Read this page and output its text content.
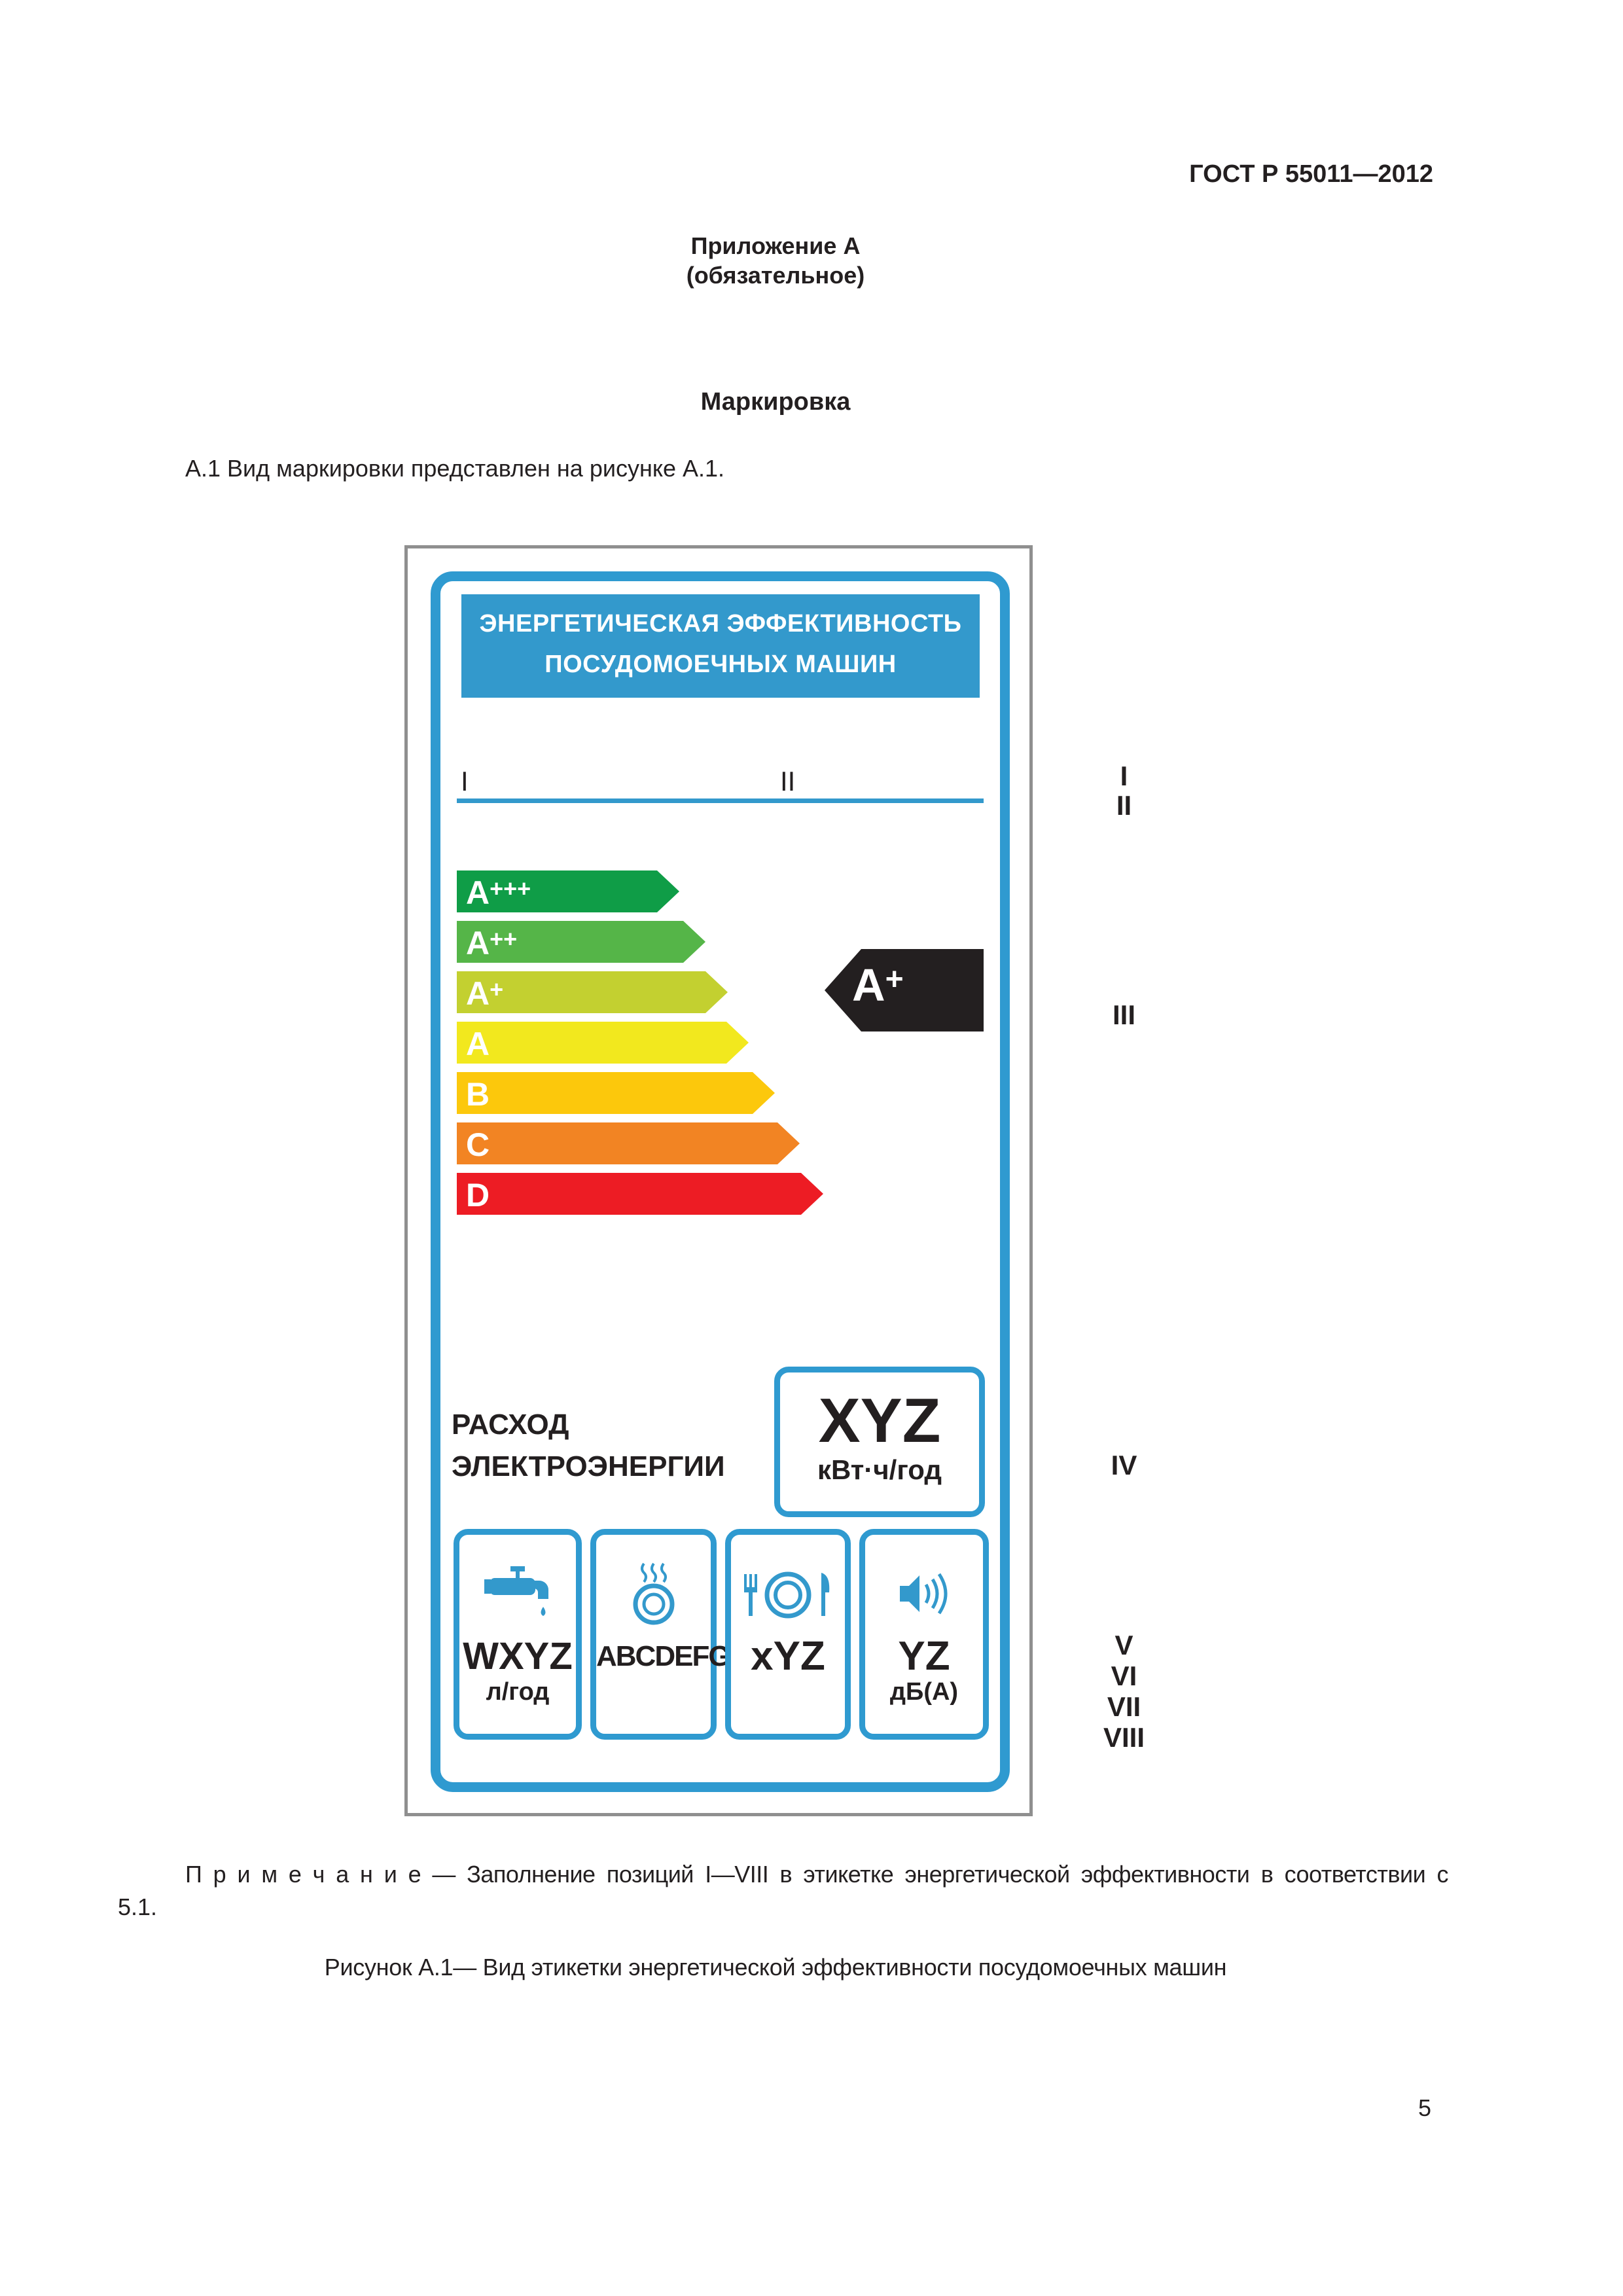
ГОСТ Р 55011—2012
Приложение А
(обязательное)
Маркировка
А.1 Вид маркировки представлен на рисунке А.1.
ЭНЕРГЕТИЧЕСКАЯ ЭФФЕКТИВНОСТЬ
ПОСУДОМОЕЧНЫХ МАШИН
I	II
A+++
A++
A+
A
B
C
D
A+
РАСХОД
ЭЛЕКТРОЭНЕРГИИ
XYZ
кВт·ч/год
WXYZ
л/год
ABCDEFG xYZ	YZ
дБ(А)
I
II
III
IV
V
VI
VII
VIII
П р и м е ч а н и е — Заполнение позиций I—VIII в этикетке энергетической эффективности в соответствии с
5.1.
Рисунок А.1— Вид этикетки энергетической эффективности посудомоечных машин
5
